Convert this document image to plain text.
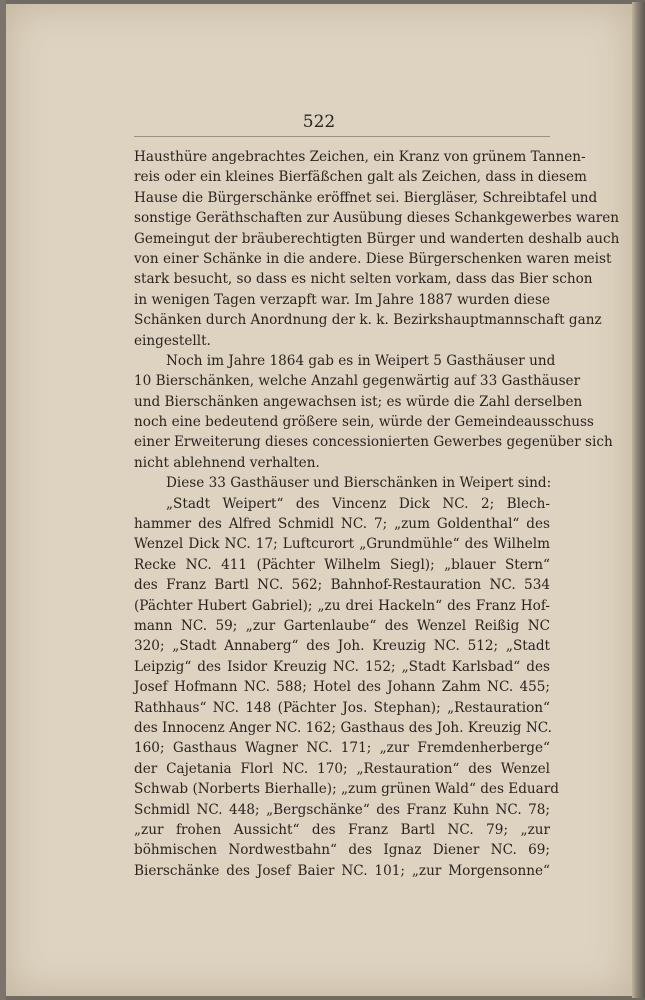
522
Hausthüre angebrachtes Zeichen, ein Kranz von grünem Tannen-
reis oder ein kleines Bierfäßchen galt als Zeichen, dass in diesem
Hause die Bürgerschänke eröffnet sei. Biergläser, Schreibtafel und
sonstige Geräthschaften zur Ausübung dieses Schankgewerbes waren
Gemeingut der bräuberechtigten Bürger und wanderten deshalb auch
von einer Schänke in die andere. Diese Bürgerschenken waren meist
stark besucht, so dass es nicht selten vorkam, dass das Bier schon
in wenigen Tagen verzapft war. Im Jahre 1887 wurden diese
Schänken durch Anordnung der k. k. Bezirkshauptmannschaft ganz
eingestellt.
Noch im Jahre 1864 gab es in Weipert 5 Gasthäuser und
10 Bierschänken, welche Anzahl gegenwärtig auf 33 Gasthäuser
und Bierschänken angewachsen ist; es würde die Zahl derselben
noch eine bedeutend größere sein, würde der Gemeindeausschuss
einer Erweiterung dieses concessionierten Gewerbes gegenüber sich
nicht ablehnend verhalten.
Diese 33 Gasthäuser und Bierschänken in Weipert sind:
„Stadt Weipert“ des Vincenz Dick NC. 2; Blech-
hammer des Alfred Schmidl NC. 7; „zum Goldenthal“ des
Wenzel Dick NC. 17; Luftcurort „Grundmühle“ des Wilhelm
Recke NC. 411 (Pächter Wilhelm Siegl); „blauer Stern“
des Franz Bartl NC. 562; Bahnhof-Restauration NC. 534
(Pächter Hubert Gabriel); „zu drei Hackeln“ des Franz Hof-
mann NC. 59; „zur Gartenlaube“ des Wenzel Reißig NC
320; „Stadt Annaberg“ des Joh. Kreuzig NC. 512; „Stadt
Leipzig“ des Isidor Kreuzig NC. 152; „Stadt Karlsbad“ des
Josef Hofmann NC. 588; Hotel des Johann Zahm NC. 455;
Rathhaus“ NC. 148 (Pächter Jos. Stephan); „Restauration“
des Innocenz Anger NC. 162; Gasthaus des Joh. Kreuzig NC.
160; Gasthaus Wagner NC. 171; „zur Fremdenherberge“
der Cajetania Florl NC. 170; „Restauration“ des Wenzel
Schwab (Norberts Bierhalle); „zum grünen Wald“ des Eduard
Schmidl NC. 448; „Bergschänke“ des Franz Kuhn NC. 78;
„zur frohen Aussicht“ des Franz Bartl NC. 79; „zur
böhmischen Nordwestbahn“ des Ignaz Diener NC. 69;
Bierschänke des Josef Baier NC. 101; „zur Morgensonne“
